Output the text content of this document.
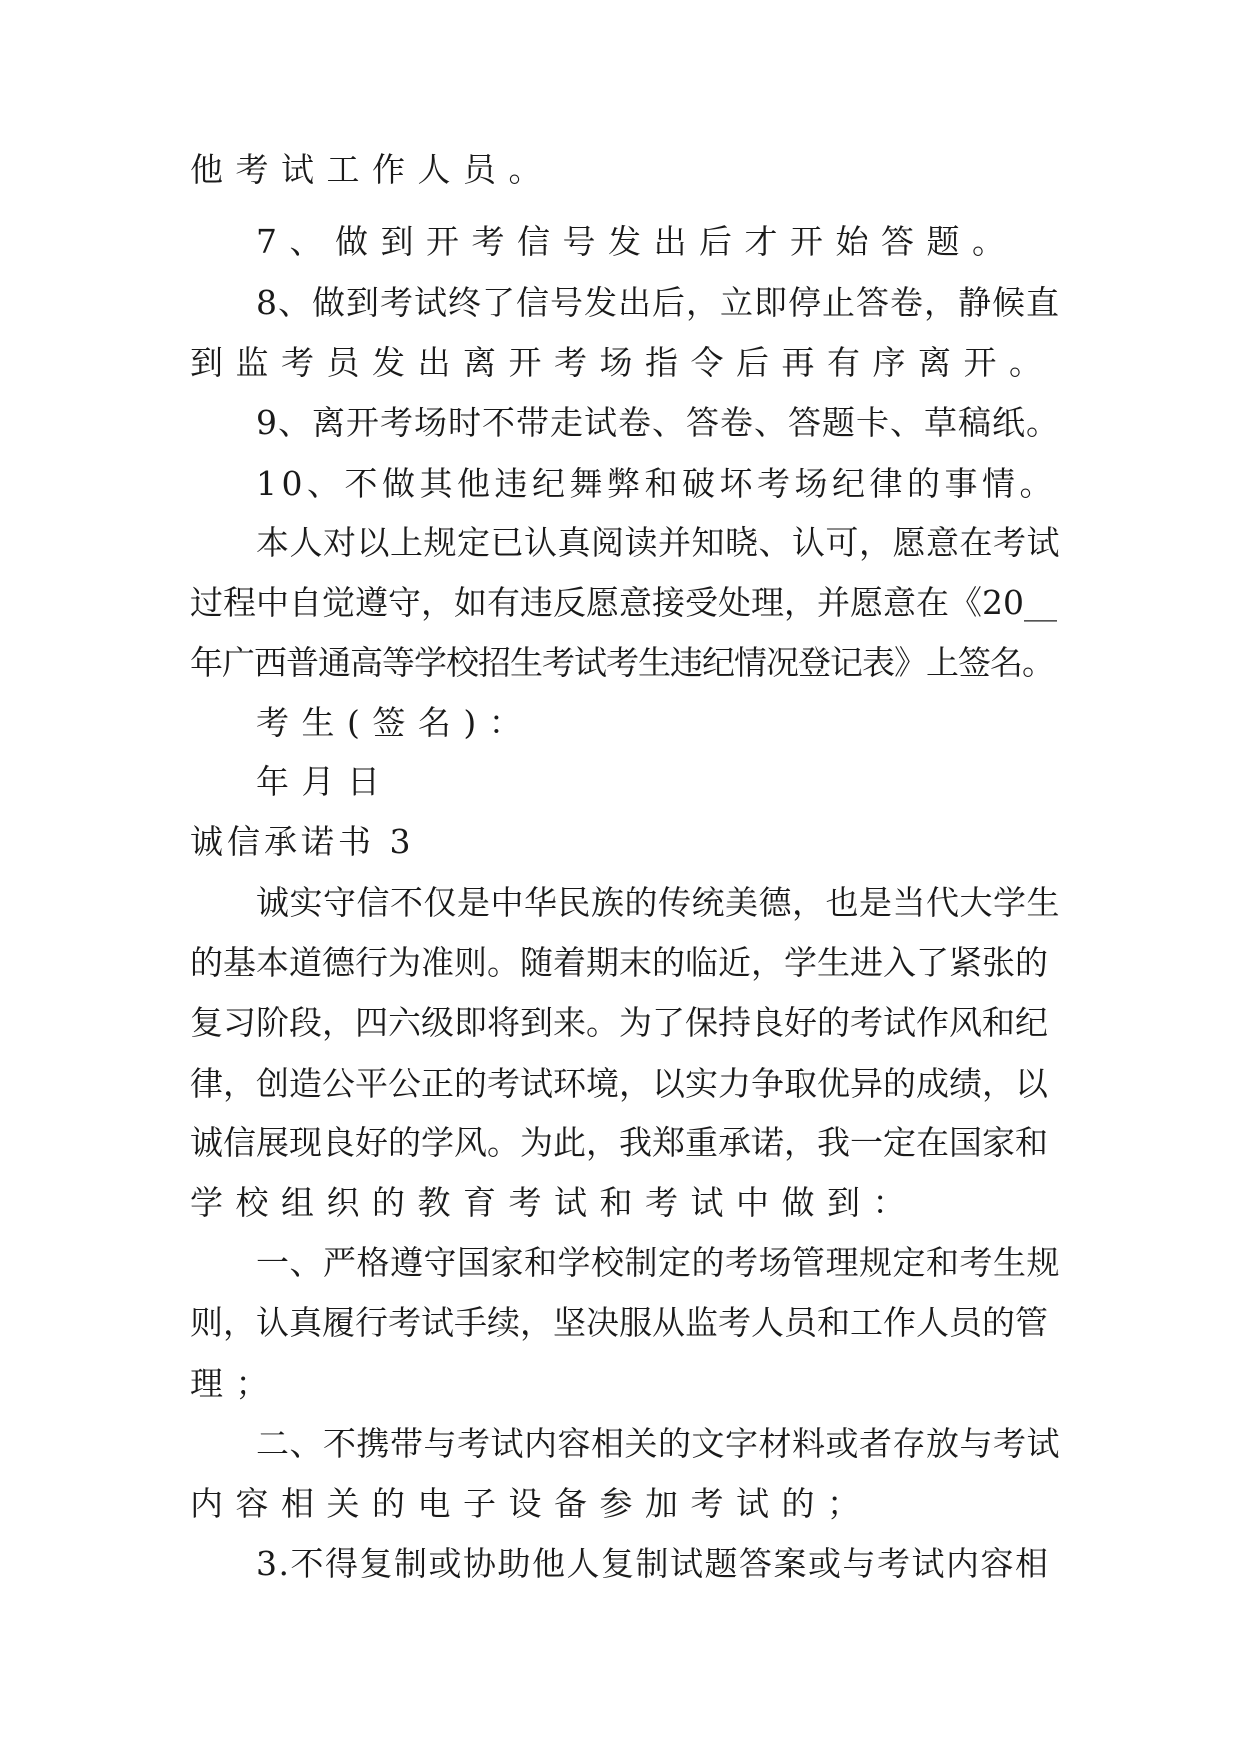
他考试工作人员。
7、做到开考信号发出后才开始答题。
8、做到考试终了信号发出后，立即停止答卷，静候直
到监考员发出离开考场指令后再有序离开。
9、离开考场时不带走试卷、答卷、答题卡、草稿纸。
10、不做其他违纪舞弊和破坏考场纪律的事情。
本人对以上规定已认真阅读并知晓、认可，愿意在考试
过程中自觉遵守，如有违反愿意接受处理，并愿意在《20__
年广西普通高等学校招生考试考生违纪情况登记表》上签名。
考生(签名)：
年月日
诚信承诺书 3
诚实守信不仅是中华民族的传统美德，也是当代大学生
的基本道德行为准则。随着期末的临近，学生进入了紧张的
复习阶段，四六级即将到来。为了保持良好的考试作风和纪
律，创造公平公正的考试环境，以实力争取优异的成绩，以
诚信展现良好的学风。为此，我郑重承诺，我一定在国家和
学校组织的教育考试和考试中做到：
一、严格遵守国家和学校制定的考场管理规定和考生规
则，认真履行考试手续，坚决服从监考人员和工作人员的管
理；
二、不携带与考试内容相关的文字材料或者存放与考试
内容相关的电子设备参加考试的；
3.不得复制或协助他人复制试题答案或与考试内容相
